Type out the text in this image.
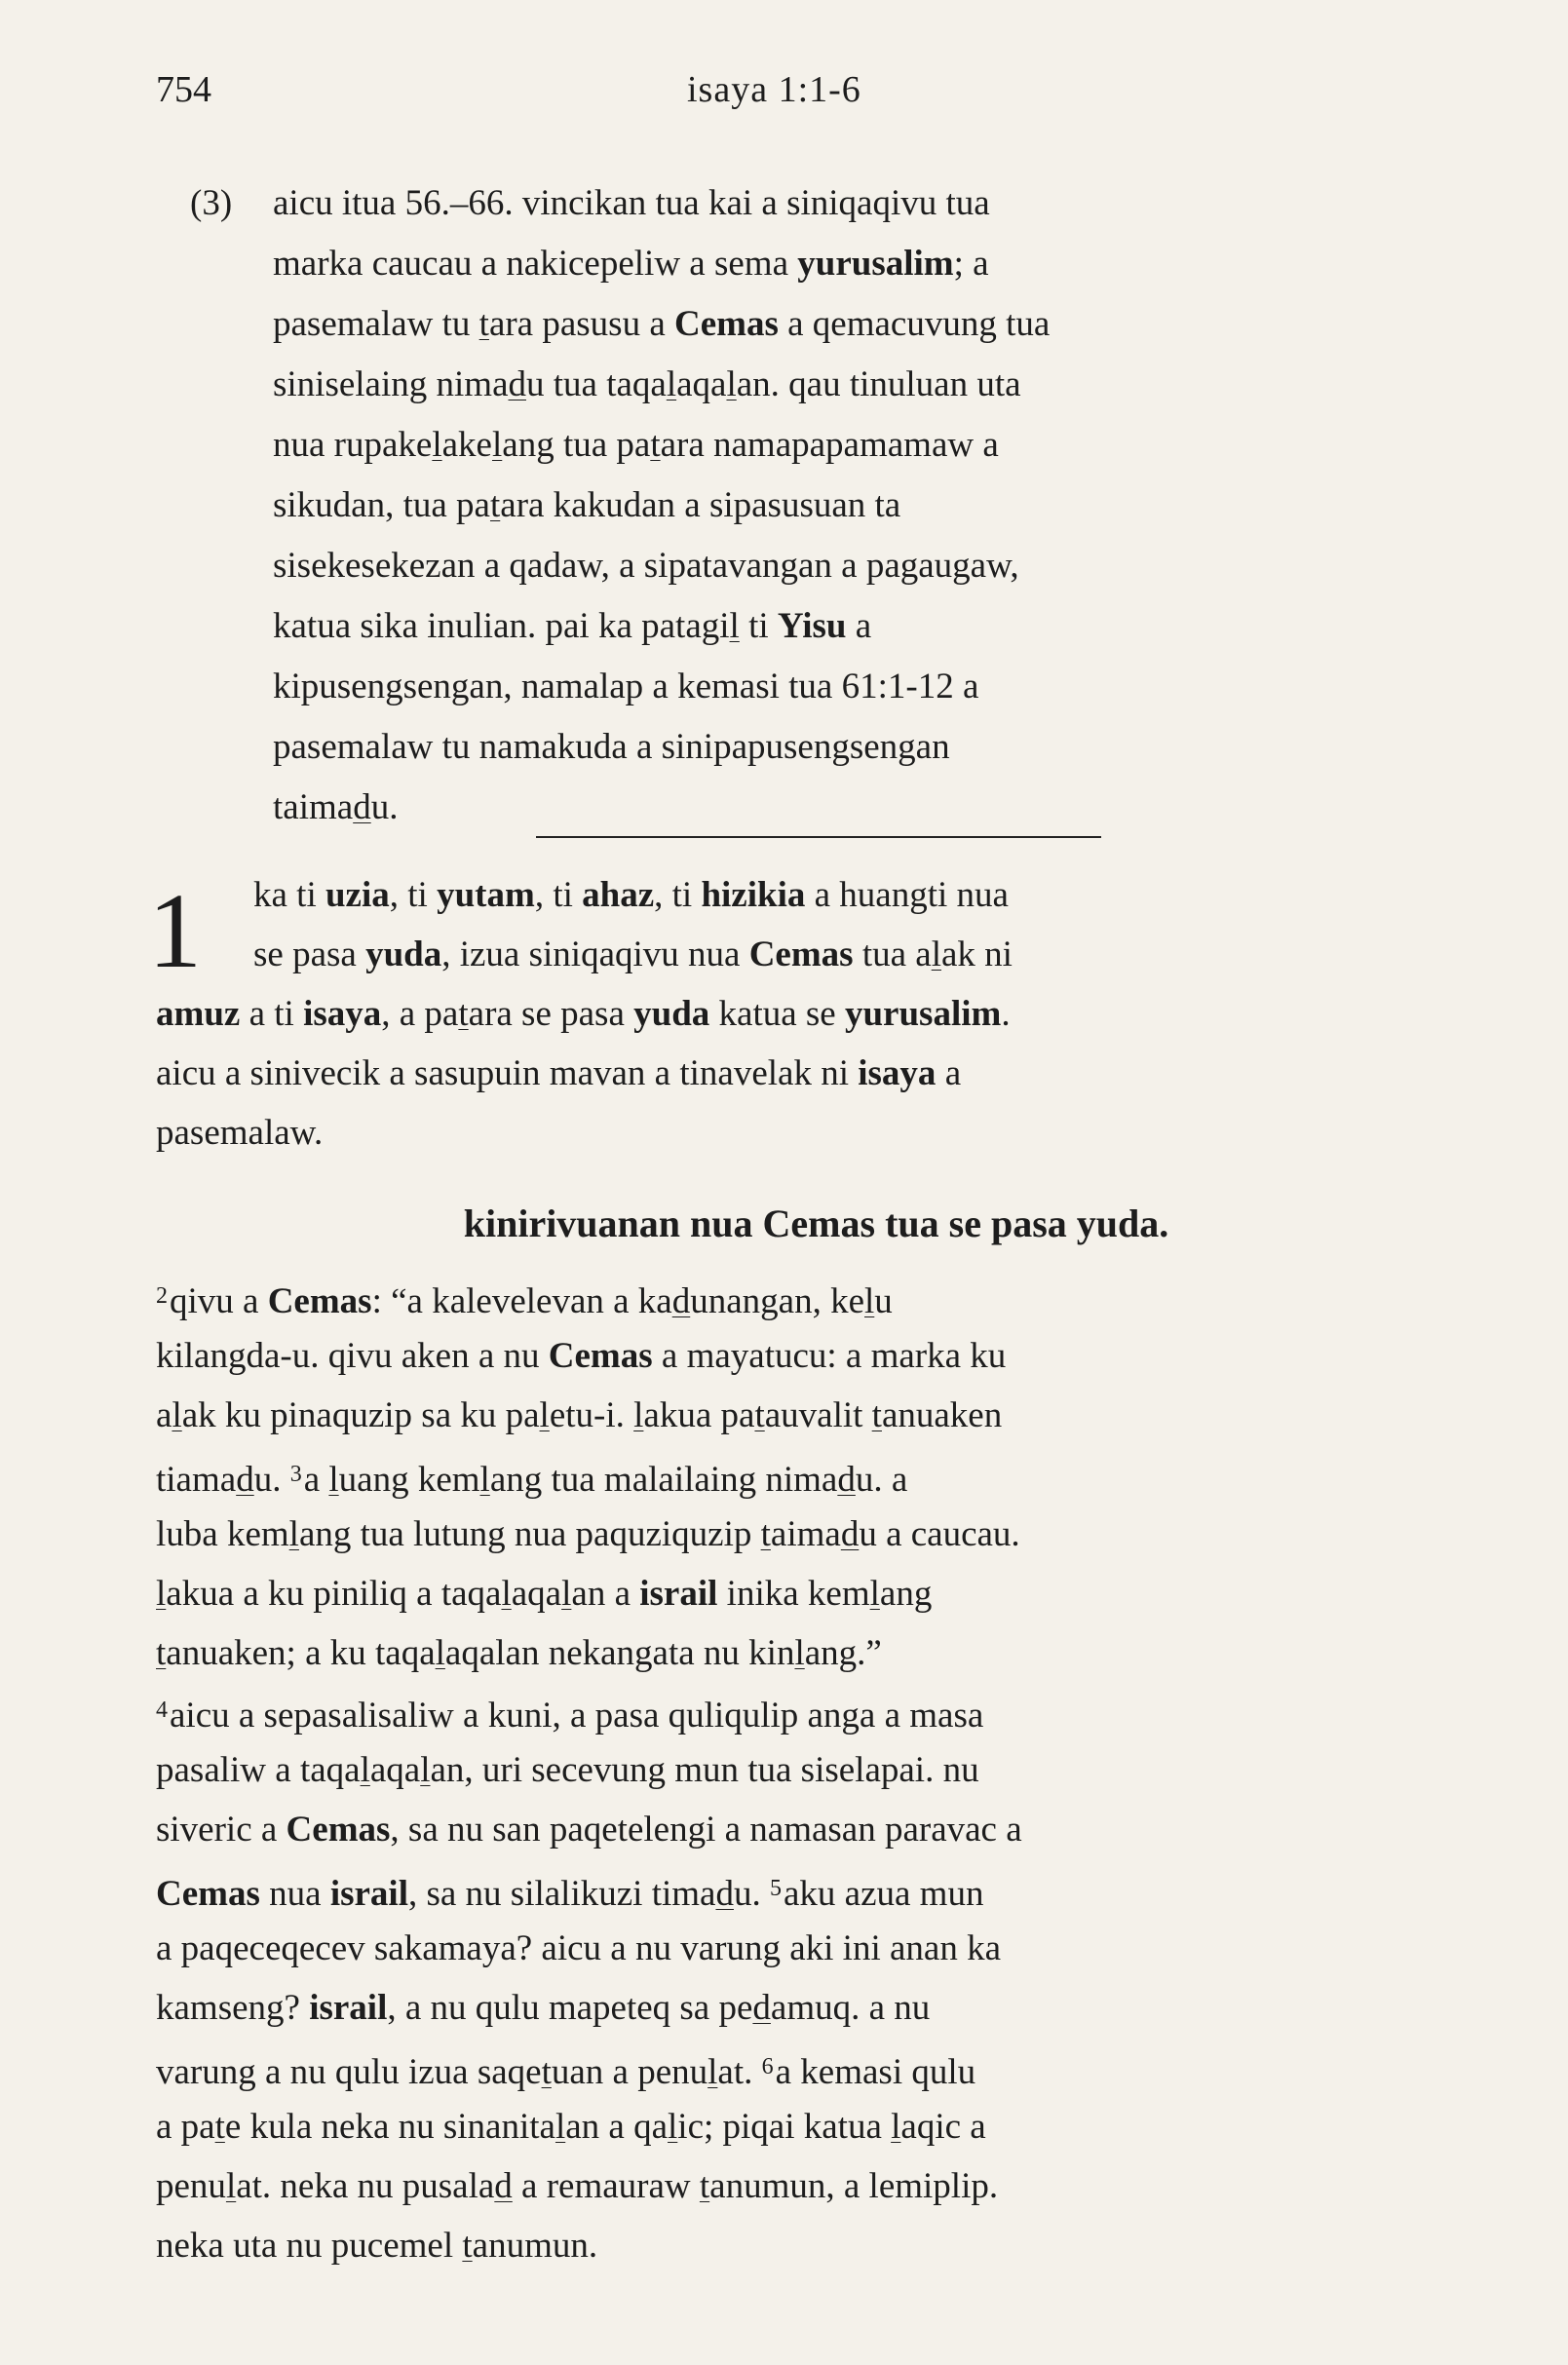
754	isaya 1:1-6
(3)	aicu itua 56.–66. vincikan tua kai a siniqaqivu tua
marka caucau a nakicepeliw a sema yurusalim; a
pasemalaw tu tara pasusu a Cemas a qemacuvung tua
siniselaing nimadu tua taqalaqalan. qau tinuluan uta
nua rupakelakelang tua patara namapapamamaw a
sikudan, tua patara kakudan a sipasusuan ta
sisekesekezan a qadaw, a sipatavangan a pagaugaw,
katua sika inulian. pai ka patagil ti Yisu a
kipusengsengan, namalap a kemasi tua 61:1-12 a
pasemalaw tu namakuda a sinipapusengsengan
taimadu.
1	ka ti uzia, ti yutam, ti ahaz, ti hizikia a huangti nua
se pasa yuda, izua siniqaqivu nua Cemas tua alak ni
amuz a ti isaya, a patara se pasa yuda katua se yurusalim.
aicu a sinivecik a sasupuin mavan a tinavelak ni isaya a
pasemalaw.
kinirivuanan nua Cemas tua se pasa yuda.
$^2$qivu a Cemas: “a kalevelevan a kadunangan, kelu
kilangda-u. qivu aken a nu Cemas a mayatucu: a marka ku
alak ku pinaquzip sa ku paletu-i. lakua patauvalit tanuaken
tiamadu. $^3$a luang kemlang tua malailaing nimadu. a
luba kemlang tua lutung nua paquziquzip taimadu a caucau.
lakua a ku piniliq a taqalaqalan a israil inika kemlang
tanuaken; a ku taqalaqalan nekangata nu kinlang.”
$^4$aicu a sepasalisaliw a kuni, a pasa quliqulip anga a masa
pasaliw a taqalaqalan, uri secevung mun tua siselapai. nu
siveric a Cemas, sa nu san paqetelengi a namasan paravac a
Cemas nua israil, sa nu silalikuzi timadu. $^5$aku azua mun
a paqeceqecev sakamaya? aicu a nu varung aki ini anan ka
kamseng? israil, a nu qulu mapeteq sa pedamuq. a nu
varung a nu qulu izua saqetuan a penulat. $^6$a kemasi qulu
a pate kula neka nu sinanitalan a qalic; piqai katua laqic a
penulat. neka nu pusalad a remauraw tanumun, a lemiplip.
neka uta nu pucemel tanumun.
